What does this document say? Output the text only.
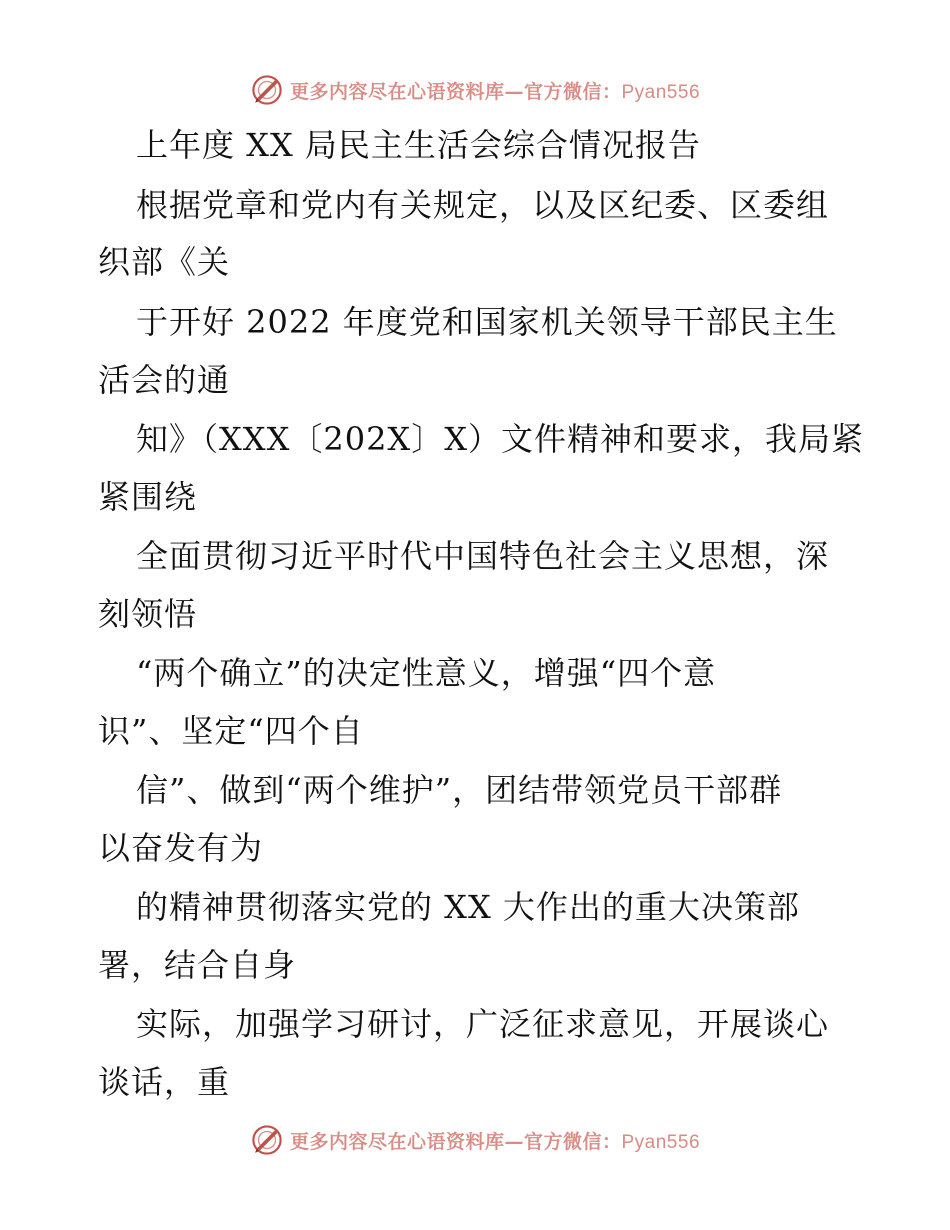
更多内容尽在心语资料库—官方微信：Pyan556
上年度 XX 局民主生活会综合情况报告
根据党章和党内有关规定，以及区纪委、区委组
织部《关
于开好 2022 年度党和国家机关领导干部民主生
活会的通
知》（XXX〔202X〕X）文件精神和要求，我局紧
紧围绕
全面贯彻习近平时代中国特色社会主义思想，深
刻领悟
“两个确立”的决定性意义，增强“四个意
识”、坚定“四个自
信”、做到“两个维护”，团结带领党员干部群
以奋发有为
的精神贯彻落实党的 XX 大作出的重大决策部
署，结合自身
实际，加强学习研讨，广泛征求意见，开展谈心
谈话，重
更多内容尽在心语资料库—官方微信：Pyan556
